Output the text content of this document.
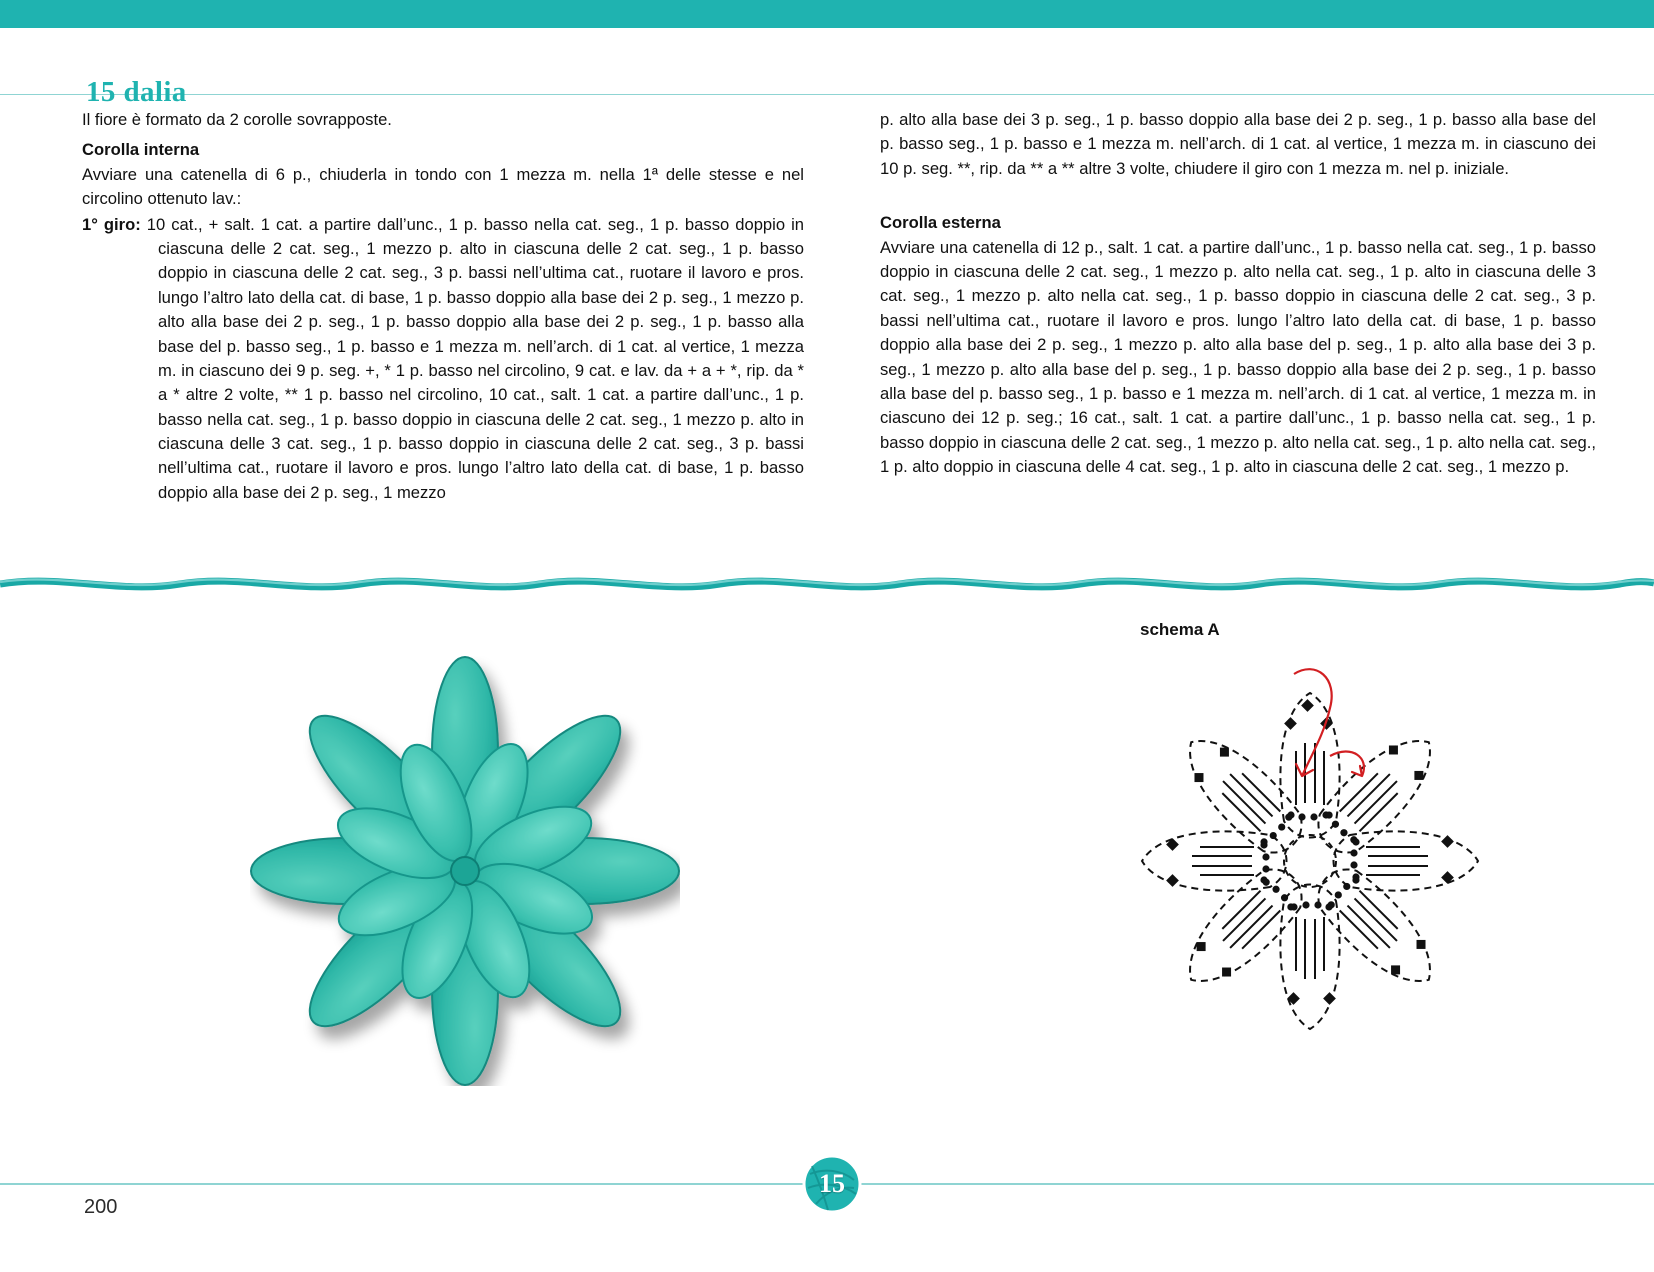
15 dalia
Il fiore è formato da 2 corolle sovrapposte.
Corolla interna
Avviare una catenella di 6 p., chiuderla in tondo con 1 mezza m. nella 1ª delle stesse e nel circolino ottenuto lav.:
1° giro: 10 cat., + salt. 1 cat. a partire dall’unc., 1 p. basso nella cat. seg., 1 p. basso doppio in ciascuna delle 2 cat. seg., 1 mezzo p. alto in ciascuna delle 2 cat. seg., 1 p. basso doppio in ciascuna delle 2 cat. seg., 3 p. bassi nell’ultima cat., ruotare il lavoro e pros. lungo l’altro lato della cat. di base, 1 p. basso doppio alla base dei 2 p. seg., 1 mezzo p. alto alla base dei 2 p. seg., 1 p. basso doppio alla base dei 2 p. seg., 1 p. basso alla base del p. basso seg., 1 p. basso e 1 mezza m. nell’arch. di 1 cat. al vertice, 1 mezza m. in ciascuno dei 9 p. seg. +, * 1 p. basso nel circolino, 9 cat. e lav. da + a + *, rip. da * a * altre 2 volte, ** 1 p. basso nel circolino, 10 cat., salt. 1 cat. a partire dall’unc., 1 p. basso nella cat. seg., 1 p. basso doppio in ciascuna delle 2 cat. seg., 1 mezzo p. alto in ciascuna delle 3 cat. seg., 1 p. basso doppio in ciascuna delle 2 cat. seg., 3 p. bassi nell’ultima cat., ruotare il lavoro e pros. lungo l’altro lato della cat. di base, 1 p. basso doppio alla base dei 2 p. seg., 1 mezzo
p. alto alla base dei 3 p. seg., 1 p. basso doppio alla base dei 2 p. seg., 1 p. basso alla base del p. basso seg., 1 p. basso e 1 mezza m. nell’arch. di 1 cat. al vertice, 1 mezza m. in ciascuno dei 10 p. seg. **, rip. da ** a ** altre 3 volte, chiudere il giro con 1 mezza m. nel p. iniziale.
Corolla esterna
Avviare una catenella di 12 p., salt. 1 cat. a partire dall’unc., 1 p. basso nella cat. seg., 1 p. basso doppio in ciascuna delle 2 cat. seg., 1 mezzo p. alto nella cat. seg., 1 p. alto in ciascuna delle 3 cat. seg., 1 mezzo p. alto nella cat. seg., 1 p. basso doppio in ciascuna delle 2 cat. seg., 3 p. bassi nell’ultima cat., ruotare il lavoro e pros. lungo l’altro lato della cat. di base, 1 p. basso doppio alla base dei 2 p. seg., 1 mezzo p. alto alla base del p. seg., 1 p. alto alla base dei 3 p. seg., 1 mezzo p. alto alla base del p. seg., 1 p. basso doppio alla base dei 2 p. seg., 1 p. basso alla base del p. basso seg., 1 p. basso e 1 mezza m. nell’arch. di 1 cat. al vertice, 1 mezza m. in ciascuno dei 12 p. seg.; 16 cat., salt. 1 cat. a partire dall’unc., 1 p. basso nella cat. seg., 1 p. basso doppio in ciascuna delle 2 cat. seg., 1 mezzo p. alto nella cat. seg., 1 p. alto nella cat. seg., 1 p. alto doppio in ciascuna delle 4 cat. seg., 1 p. alto in ciascuna delle 2 cat. seg., 1 mezzo p.
schema A
200
15
